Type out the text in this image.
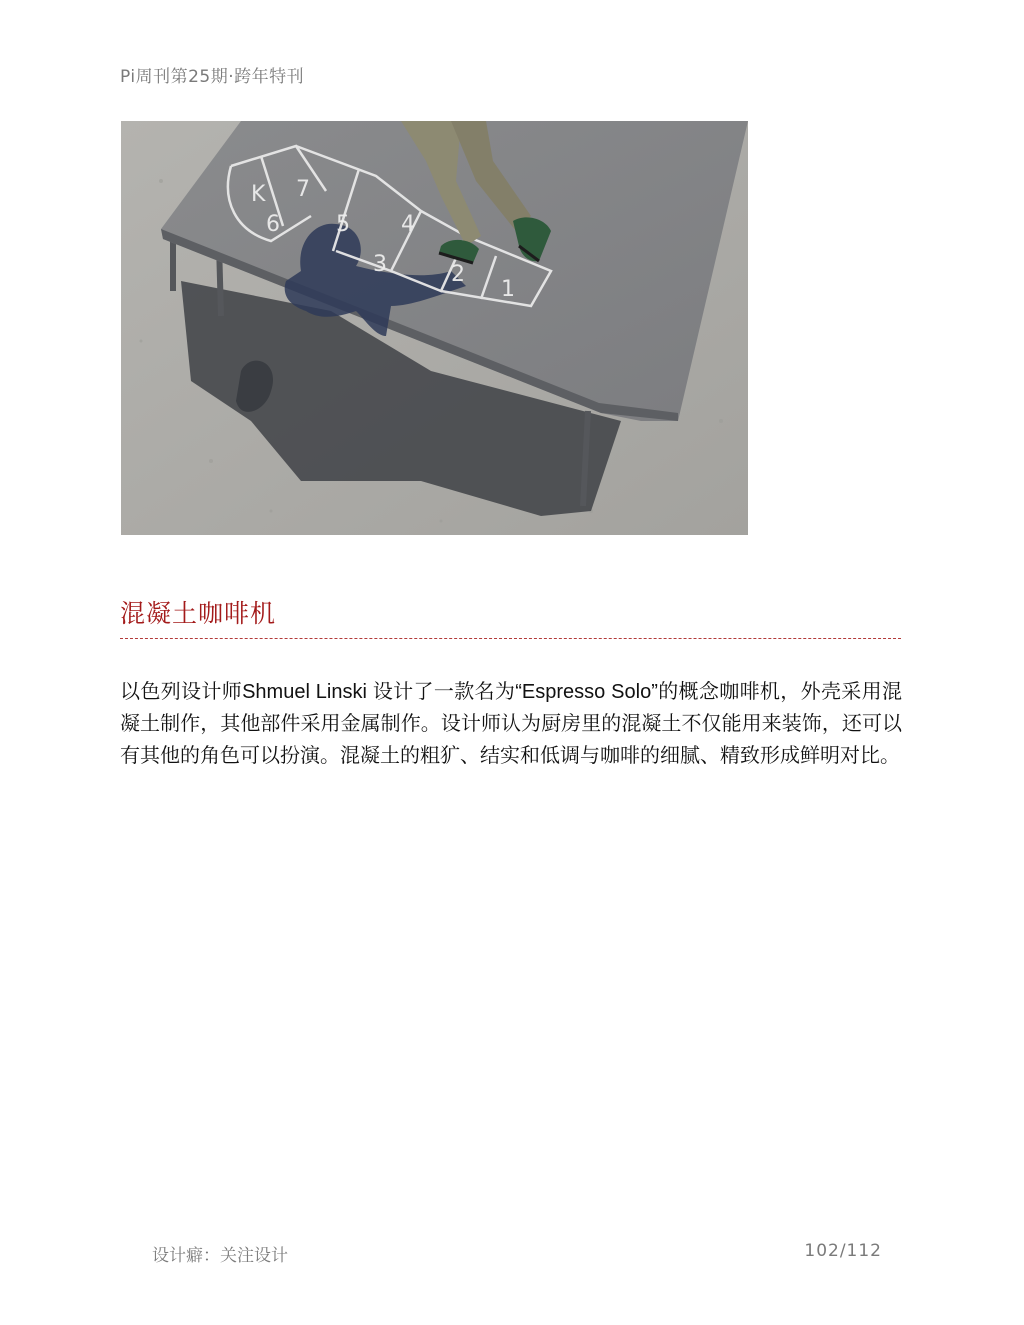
Pi周刊第25期·跨年特刊
K 7
6	5 4
3	2
1
混凝土咖啡机
以色列设计师Shmuel Linski 设计了一款名为“Espresso Solo”的概念咖啡机，外壳采用混凝土制作，其他部件采用金属制作。设计师认为厨房里的混凝土不仅能用来装饰，还可以有其他的角色可以扮演。混凝土的粗犷、结实和低调与咖啡的细腻、精致形成鲜明对比。
设计癖：关注设计	102/112
